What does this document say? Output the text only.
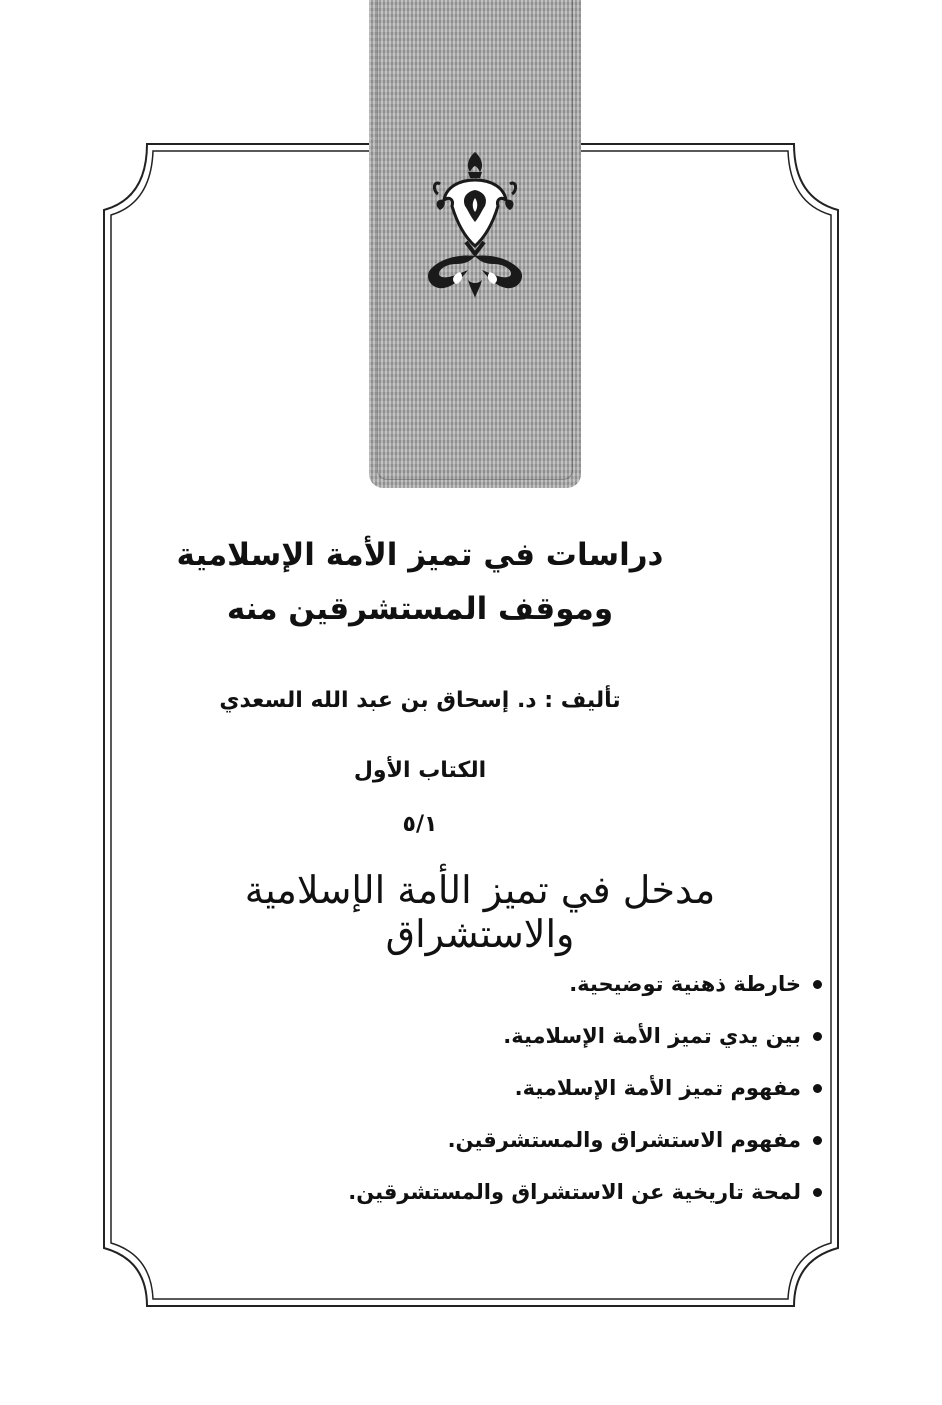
دراسات في تميز الأمة الإسلامية
وموقف المستشرقين منه
تأليف : د. إسحاق بن عبد الله السعدي
الكتاب الأول
٥/١
مدخل في تميز الأمة الإسلامية والاستشراق
خارطة ذهنية توضيحية.
بين يدي تميز الأمة الإسلامية.
مفهوم تميز الأمة الإسلامية.
مفهوم الاستشراق والمستشرقين.
لمحة تاريخية عن الاستشراق والمستشرقين.
